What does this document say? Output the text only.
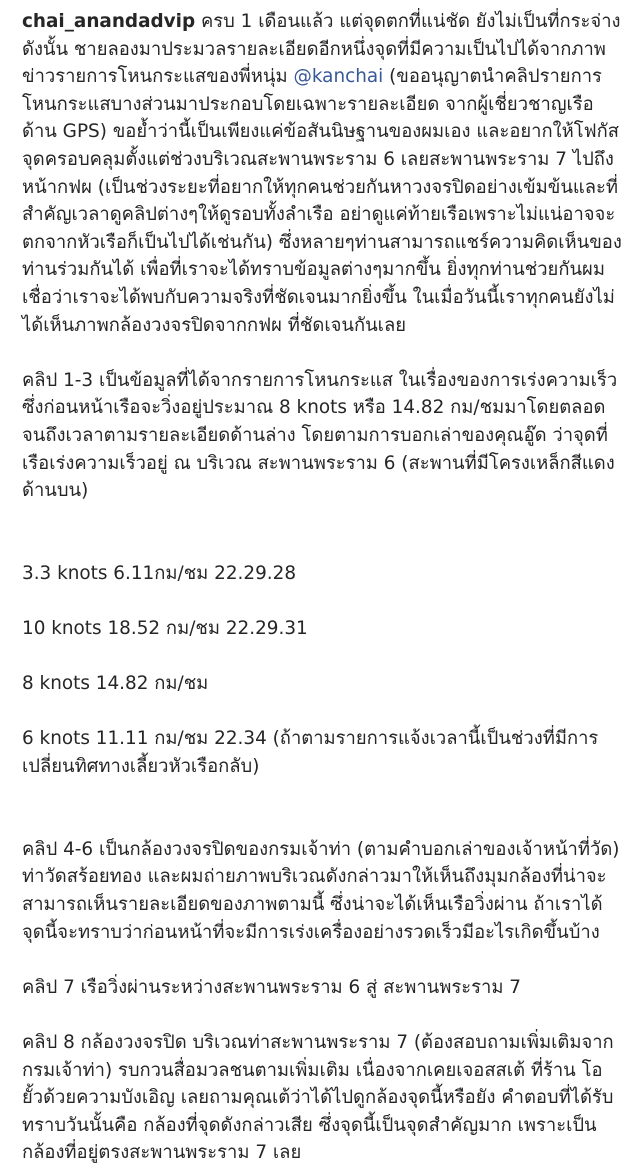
chai_anandadvip ครบ 1 เดือนแล้ว แต่จุดตกที่แน่ชัด ยังไม่เป็นที่กระจ่าง ดังนั้น ชายลองมาประมวลรายละเอียดอีกหนึ่งจุดที่มีความเป็นไปได้จากภาพข่าวรายการโหนกระแสของพี่หนุ่ม @kanchai (ขออนุญาตนำคลิปรายการโหนกระแสบางส่วนมาประกอบโดยเฉพาะรายละเอียด จากผู้เชี่ยวชาญเรือด้าน GPS) ขอย้ำว่านี้เป็นเพียงแค่ข้อสันนิษฐานของผมเอง และอยากให้โฟกัสจุดครอบคลุมตั้งแต่ช่วงบริเวณสะพานพระราม 6 เลยสะพานพระราม 7 ไปถึงหน้ากฟผ (เป็นช่วงระยะที่อยากให้ทุกคนช่วยกันหาวงจรปิดอย่างเข้มข้นและที่สำคัญเวลาดูคลิปต่างๆให้ดูรอบทั้งลำเรือ อย่าดูแค่ท้ายเรือเพราะไม่แน่อาจจะตกจากหัวเรือก็เป็นไปได้เช่นกัน) ซึ่งหลายๆท่านสามารถแชร์ความคิดเห็นของท่านร่วมกันได้ เพื่อที่เราจะได้ทราบข้อมูลต่างๆมากขึ้น ยิ่งทุกท่านช่วยกันผมเชื่อว่าเราจะได้พบกับความจริงที่ชัดเจนมากยิ่งขึ้น ในเมื่อวันนี้เราทุกคนยังไม่ได้เห็นภาพกล้องวงจรปิดจากกฟผ ที่ชัดเจนกันเลย

คลิป 1-3 เป็นข้อมูลที่ได้จากรายการโหนกระแส ในเรื่องของการเร่งความเร็ว ซึ่งก่อนหน้าเรือจะวิ่งอยู่ประมาณ 8 knots หรือ 14.82 กม/ชมมาโดยตลอดจนถึงเวลาตามรายละเอียดด้านล่าง โดยตามการบอกเล่าของคุณอู๊ด ว่าจุดที่เรือเร่งความเร็วอยู่ ณ บริเวณ สะพานพระราม 6 (สะพานที่มีโครงเหล็กสีแดงด้านบน)

3.3 knots 6.11กม/ชม 22.29.28

10 knots 18.52 กม/ชม 22.29.31

8 knots 14.82 กม/ชม

6 knots 11.11 กม/ชม 22.34 (ถ้าตามรายการแจ้งเวลานี้เป็นช่วงที่มีการเปลี่ยนทิศทางเลี้ยวหัวเรือกลับ)

คลิป 4-6 เป็นกล้องวงจรปิดของกรมเจ้าท่า (ตามคำบอกเล่าของเจ้าหน้าที่วัด) ท่าวัดสร้อยทอง และผมถ่ายภาพบริเวณดังกล่าวมาให้เห็นถึงมุมกล้องที่น่าจะสามารถเห็นรายละเอียดของภาพตามนี้ ซึ่งน่าจะได้เห็นเรือวิ่งผ่าน ถ้าเราได้จุดนี้จะทราบว่าก่อนหน้าที่จะมีการเร่งเครื่องอย่างรวดเร็วมีอะไรเกิดขึ้นบ้าง

คลิป 7 เรือวิ่งผ่านระหว่างสะพานพระราม 6 สู่ สะพานพระราม 7

คลิป 8 กล้องวงจรปิด บริเวณท่าสะพานพระราม 7 (ต้องสอบถามเพิ่มเติมจากกรมเจ้าท่า) รบกวนสื่อมวลชนตามเพิ่มเติม เนื่องจากเคยเจอสสเต้ ที่ร้าน โอยั้วด้วยความบังเอิญ เลยถามคุณเต้ว่าได้ไปดูกล้องจุดนี้หรือยัง คำตอบที่ได้รับทราบวันนั้นคือ กล้องที่จุดดังกล่าวเสีย ซึ่งจุดนี้เป็นจุดสำคัญมาก เพราะเป็นกล้องที่อยู่ตรงสะพานพระราม 7 เลย
